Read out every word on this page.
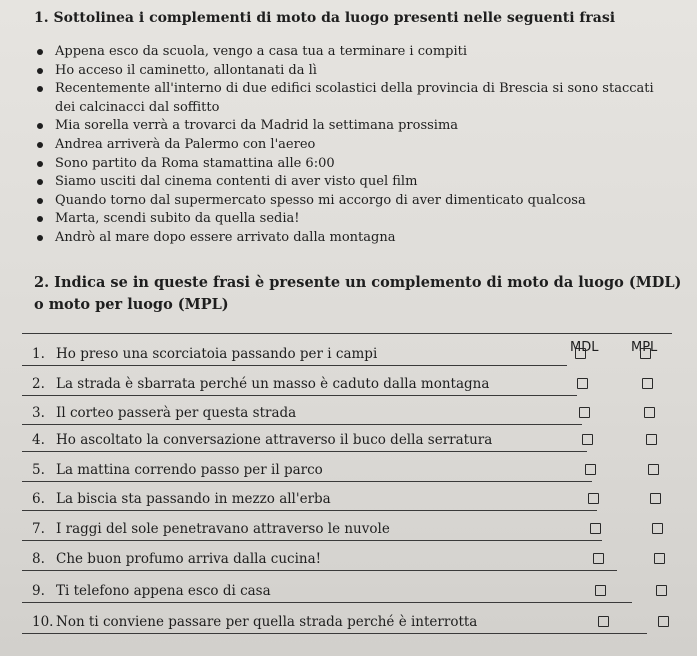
1. Sottolinea i complementi di moto da luogo presenti nelle seguenti frasi
Appena esco da scuola, vengo a casa tua a terminare i compiti
Ho acceso il caminetto, allontanati da lì
Recentemente all'interno di due edifici scolastici della provincia di Brescia si sono staccati dei calcinacci dal soffitto
Mia sorella verrà a trovarci da Madrid la settimana prossima
Andrea arriverà da Palermo con l'aereo
Sono partito da Roma stamattina alle 6:00
Siamo usciti dal cinema contenti di aver visto quel film
Quando torno dal supermercato spesso mi accorgo di aver dimenticato qualcosa
Marta, scendi subito da quella sedia!
Andrò al mare dopo essere arrivato dalla montagna
2. Indica se in queste frasi è presente un complemento di moto da luogo (MDL) o moto per luogo (MPL)
MDL	MPL
1. Ho preso una scorciatoia passando per i campi
2. La strada è sbarrata perché un masso è caduto dalla montagna
3. Il corteo passerà per questa strada
4. Ho ascoltato la conversazione attraverso il buco della serratura
5. La mattina correndo passo per il parco
6. La biscia sta passando in mezzo all'erba
7. I raggi del sole penetravano attraverso le nuvole
8. Che buon profumo arriva dalla cucina!
9. Ti telefono appena esco di casa
10. Non ti conviene passare per quella strada perché è interrotta
